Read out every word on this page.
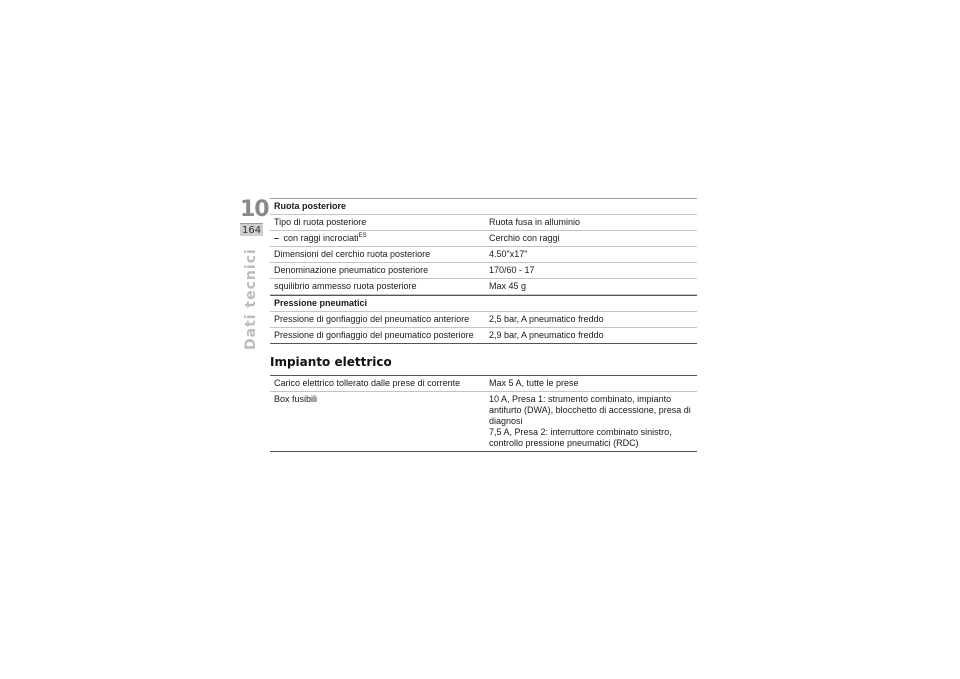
10
164
Dati tecnici
Ruota posteriore
Tipo di ruota posteriore	Ruota fusa in alluminio
– con raggi incrociati$^{ES}$	Cerchio con raggi
Dimensioni del cerchio ruota posteriore	4.50"x17"
Denominazione pneumatico posteriore	170/60 - 17
squilibrio ammesso ruota posteriore	Max 45 g
Pressione pneumatici
Pressione di gonfiaggio del pneumatico anteriore	2,5 bar, A pneumatico freddo
Pressione di gonfiaggio del pneumatico posteriore	2,9 bar, A pneumatico freddo
Impianto elettrico
Carico elettrico tollerato dalle prese di corrente	Max 5 A, tutte le prese
Box fusibili	10 A, Presa 1: strumento combinato, impianto
antifurto (DWA), blocchetto di accessione, presa di
diagnosi
7,5 A, Presa 2: interruttore combinato sinistro,
controllo pressione pneumatici (RDC)
